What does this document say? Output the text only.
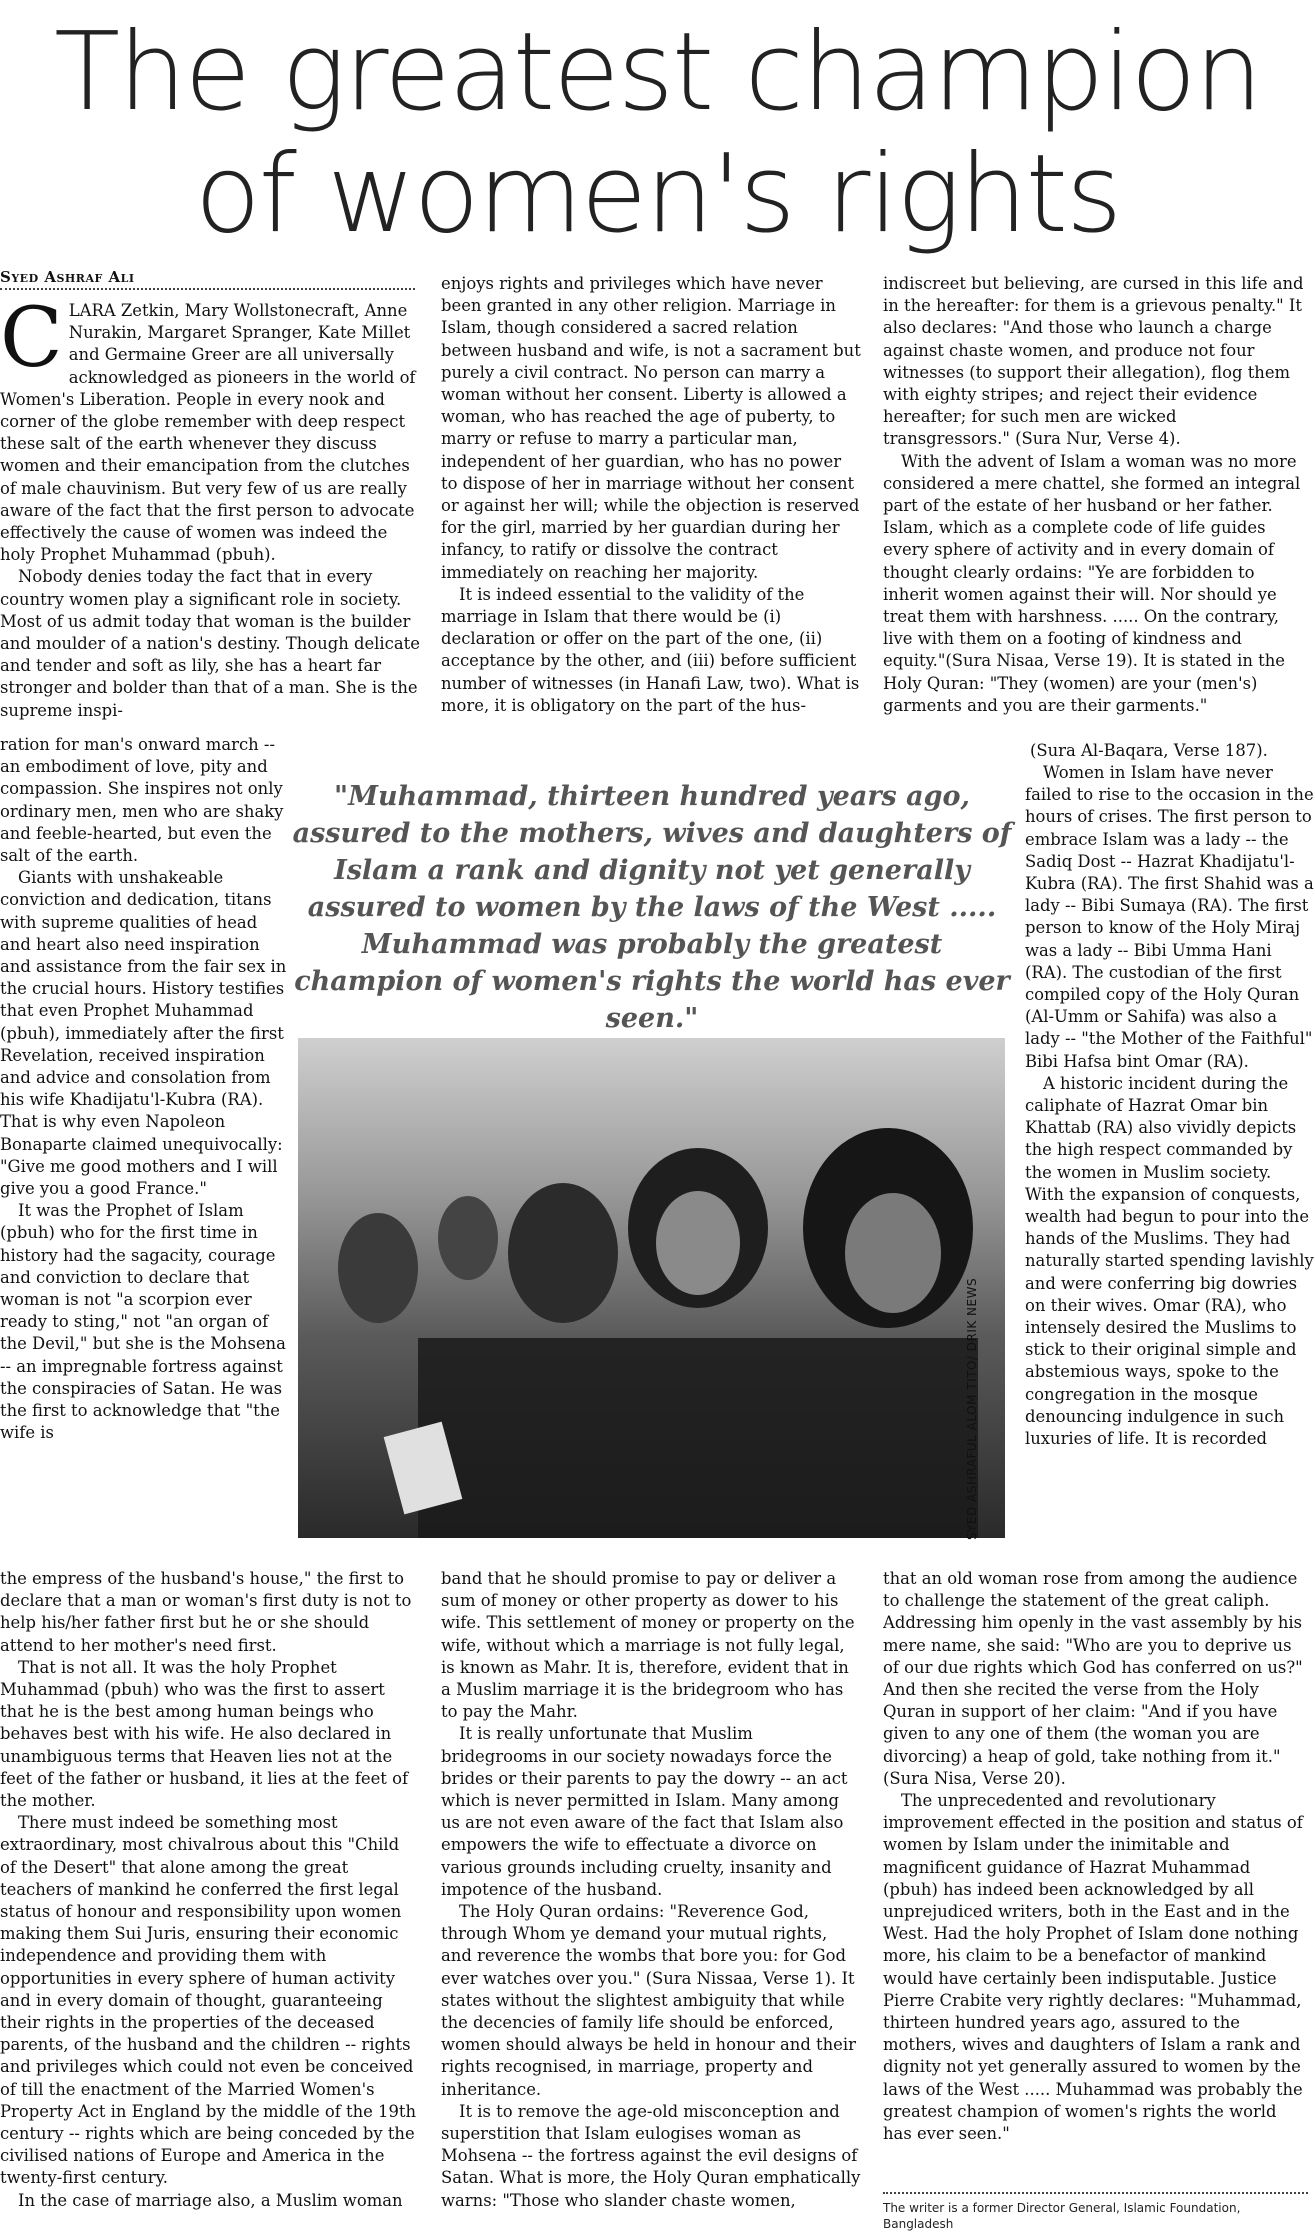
The greatest champion
of women's rights
Syed Ashraf Ali

CLARA Zetkin, Mary Wollstonecraft, Anne Nurakin, Margaret Spranger, Kate Millet and Germaine Greer are all universally acknowledged as pioneers in the world of Women's Liberation. People in every nook and corner of the globe remember with deep respect these salt of the earth whenever they discuss women and their emancipation from the clutches of male chauvinism. But very few of us are really aware of the fact that the first person to advocate effectively the cause of women was indeed the holy Prophet Muhammad (pbuh).

Nobody denies today the fact that in every country women play a significant role in society. Most of us admit today that woman is the builder and moulder of a nation's destiny. Though delicate and tender and soft as lily, she has a heart far stronger and bolder than that of a man. She is the supreme inspi-

ration for man's onward march -- an embodiment of love, pity and compassion. She inspires not only ordinary men, men who are shaky and feeble-hearted, but even the salt of the earth.

Giants with unshakeable conviction and dedication, titans with supreme qualities of head and heart also need inspiration and assistance from the fair sex in the crucial hours. History testifies that even Prophet Muhammad (pbuh), immediately after the first Revelation, received inspiration and advice and consolation from his wife Khadijatu'l-Kubra (RA). That is why even Napoleon Bonaparte claimed unequivocally: "Give me good mothers and I will give you a good France."

It was the Prophet of Islam (pbuh) who for the first time in history had the sagacity, courage and conviction to declare that woman is not "a scorpion ever ready to sting," not "an organ of the Devil," but she is the Mohsena -- an impregnable fortress against the conspiracies of Satan. He was the first to acknowledge that "the wife is

the empress of the husband's house," the first to declare that a man or woman's first duty is not to help his/her father first but he or she should attend to her mother's need first.

That is not all. It was the holy Prophet Muhammad (pbuh) who was the first to assert that he is the best among human beings who behaves best with his wife. He also declared in unambiguous terms that Heaven lies not at the feet of the father or husband, it lies at the feet of the mother.

There must indeed be something most extraordinary, most chivalrous about this "Child of the Desert" that alone among the great teachers of mankind he conferred the first legal status of honour and responsibility upon women making them Sui Juris, ensuring their economic independence and providing them with opportunities in every sphere of human activity and in every domain of thought, guaranteeing their rights in the properties of the deceased parents, of the husband and the children -- rights and privileges which could not even be conceived of till the enactment of the Married Women's Property Act in England by the middle of the 19th century -- rights which are being conceded by the civilised nations of Europe and America in the twenty-first century.

In the case of marriage also, a Muslim woman

enjoys rights and privileges which have never been granted in any other religion. Marriage in Islam, though considered a sacred relation between husband and wife, is not a sacrament but purely a civil contract. No person can marry a woman without her consent. Liberty is allowed a woman, who has reached the age of puberty, to marry or refuse to marry a particular man, independent of her guardian, who has no power to dispose of her in marriage without her consent or against her will; while the objection is reserved for the girl, married by her guardian during her infancy, to ratify or dissolve the contract immediately on reaching her majority.

It is indeed essential to the validity of the marriage in Islam that there would be (i) declaration or offer on the part of the one, (ii) acceptance by the other, and (iii) before sufficient number of witnesses (in Hanafi Law, two). What is more, it is obligatory on the part of the hus-

"Muhammad, thirteen hundred years ago, assured to the mothers, wives and daughters of Islam a rank and dignity not yet generally assured to women by the laws of the West ..... Muhammad was probably the greatest champion of women's rights the world has ever seen."
SYED ASHRAFUL ALOM TITO/ DRIK NEWS

band that he should promise to pay or deliver a sum of money or other property as dower to his wife. This settlement of money or property on the wife, without which a marriage is not fully legal, is known as Mahr. It is, therefore, evident that in a Muslim marriage it is the bridegroom who has to pay the Mahr.

It is really unfortunate that Muslim bridegrooms in our society nowadays force the brides or their parents to pay the dowry -- an act which is never permitted in Islam. Many among us are not even aware of the fact that Islam also empowers the wife to effectuate a divorce on various grounds including cruelty, insanity and impotence of the husband.

The Holy Quran ordains: "Reverence God, through Whom ye demand your mutual rights, and reverence the wombs that bore you: for God ever watches over you." (Sura Nissaa, Verse 1). It states without the slightest ambiguity that while the decencies of family life should be enforced, women should always be held in honour and their rights recognised, in marriage, property and inheritance.

It is to remove the age-old misconception and superstition that Islam eulogises woman as Mohsena -- the fortress against the evil designs of Satan. What is more, the Holy Quran emphatically warns: "Those who slander chaste women,

indiscreet but believing, are cursed in this life and in the hereafter: for them is a grievous penalty." It also declares: "And those who launch a charge against chaste women, and produce not four witnesses (to support their allegation), flog them with eighty stripes; and reject their evidence hereafter; for such men are wicked transgressors." (Sura Nur, Verse 4).

With the advent of Islam a woman was no more considered a mere chattel, she formed an integral part of the estate of her husband or her father. Islam, which as a complete code of life guides every sphere of activity and in every domain of thought clearly ordains: "Ye are forbidden to inherit women against their will. Nor should ye treat them with harshness. ..... On the contrary, live with them on a footing of kindness and equity."(Sura Nisaa, Verse 19). It is stated in the Holy Quran: "They (women) are your (men's) garments and you are their garments."

(Sura Al-Baqara, Verse 187).

Women in Islam have never failed to rise to the occasion in the hours of crises. The first person to embrace Islam was a lady -- the Sadiq Dost -- Hazrat Khadijatu'l-Kubra (RA). The first Shahid was a lady -- Bibi Sumaya (RA). The first person to know of the Holy Miraj was a lady -- Bibi Umma Hani (RA). The custodian of the first compiled copy of the Holy Quran (Al-Umm or Sahifa) was also a lady -- "the Mother of the Faithful" Bibi Hafsa bint Omar (RA).

A historic incident during the caliphate of Hazrat Omar bin Khattab (RA) also vividly depicts the high respect commanded by the women in Muslim society. With the expansion of conquests, wealth had begun to pour into the hands of the Muslims. They had naturally started spending lavishly and were conferring big dowries on their wives. Omar (RA), who intensely desired the Muslims to stick to their original simple and abstemious ways, spoke to the congregation in the mosque denouncing indulgence in such luxuries of life. It is recorded

that an old woman rose from among the audience to challenge the statement of the great caliph. Addressing him openly in the vast assembly by his mere name, she said: "Who are you to deprive us of our due rights which God has conferred on us?" And then she recited the verse from the Holy Quran in support of her claim: "And if you have given to any one of them (the woman you are divorcing) a heap of gold, take nothing from it." (Sura Nisa, Verse 20).

The unprecedented and revolutionary improvement effected in the position and status of women by Islam under the inimitable and magnificent guidance of Hazrat Muhammad (pbuh) has indeed been acknowledged by all unprejudiced writers, both in the East and in the West. Had the holy Prophet of Islam done nothing more, his claim to be a benefactor of mankind would have certainly been indisputable. Justice Pierre Crabite very rightly declares: "Muhammad, thirteen hundred years ago, assured to the mothers, wives and daughters of Islam a rank and dignity not yet generally assured to women by the laws of the West ..... Muhammad was probably the greatest champion of women's rights the world has ever seen."

The writer is a former Director General, Islamic Foundation, Bangladesh
